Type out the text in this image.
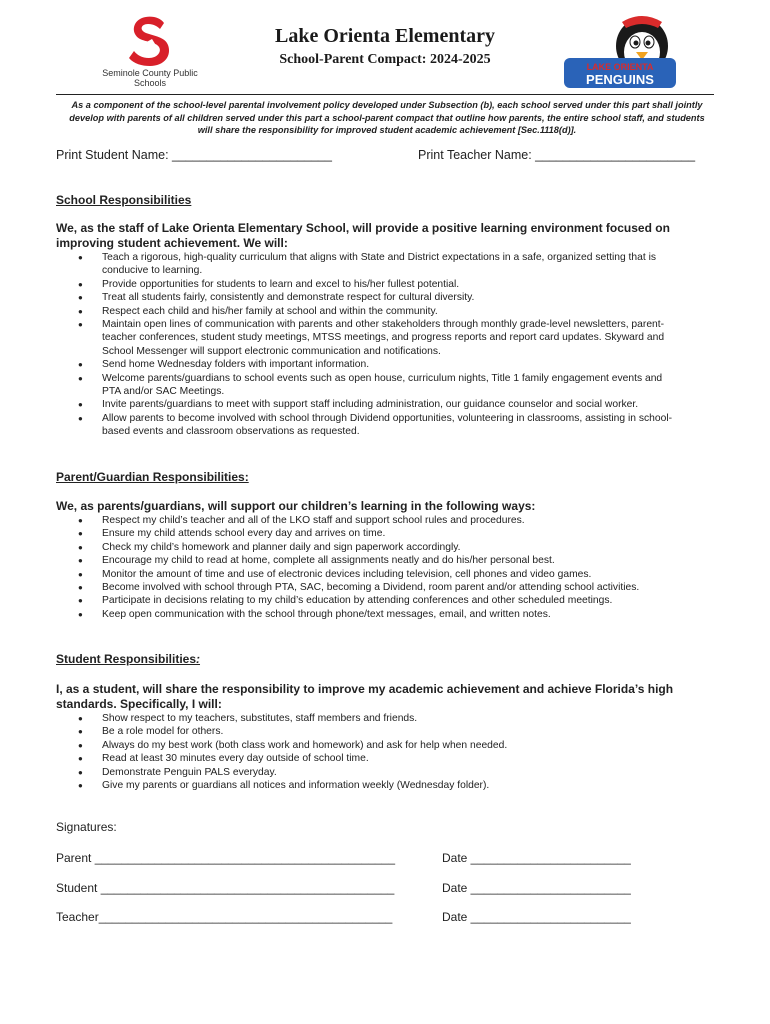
Seminole County Public Schools
Lake Orienta Elementary
School-Parent Compact: 2024-2025	LAKE ORIENTA
PENGUINS
As a component of the school-level parental involvement policy developed under Subsection (b), each school served under this part shall jointly develop with parents of all children served under this part a school-parent compact that outline how parents, the entire school staff, and students will share the responsibility for improved student academic achievement [Sec.1118(d)].
Print Student Name: _______________________	Print Teacher Name: _______________________
School Responsibilities

We, as the staff of Lake Orienta Elementary School, will provide a positive learning environment focused on improving student achievement. We will:

● Teach a rigorous, high-quality curriculum that aligns with State and District expectations in a safe, organized setting that is conducive to learning.
● Provide opportunities for students to learn and excel to his/her fullest potential.
● Treat all students fairly, consistently and demonstrate respect for cultural diversity.
● Respect each child and his/her family at school and within the community.
● Maintain open lines of communication with parents and other stakeholders through monthly grade-level newsletters, parent-teacher conferences, student study meetings, MTSS meetings, and progress reports and report card updates. Skyward and School Messenger will support electronic communication and notifications.
● Send home Wednesday folders with important information.
● Welcome parents/guardians to school events such as open house, curriculum nights, Title 1 family engagement events and PTA and/or SAC Meetings.
● Invite parents/guardians to meet with support staff including administration, our guidance counselor and social worker.
● Allow parents to become involved with school through Dividend opportunities, volunteering in classrooms, assisting in school-based events and classroom observations as requested.
Parent/Guardian Responsibilities:

We, as parents/guardians, will support our children’s learning in the following ways:

● Respect my child’s teacher and all of the LKO staff and support school rules and procedures.
● Ensure my child attends school every day and arrives on time.
● Check my child’s homework and planner daily and sign paperwork accordingly.
● Encourage my child to read at home, complete all assignments neatly and do his/her personal best.
● Monitor the amount of time and use of electronic devices including television, cell phones and video games.
● Become involved with school through PTA, SAC, becoming a Dividend, room parent and/or attending school activities.
● Participate in decisions relating to my child’s education by attending conferences and other scheduled meetings.
● Keep open communication with the school through phone/text messages, email, and written notes.
Student Responsibilities:

I, as a student, will share the responsibility to improve my academic achievement and achieve Florida’s high standards. Specifically, I will:

● Show respect to my teachers, substitutes, staff members and friends.
● Be a role model for others.
● Always do my best work (both class work and homework) and ask for help when needed.
● Read at least 30 minutes every day outside of school time.
● Demonstrate Penguin PALS everyday.
● Give my parents or guardians all notices and information weekly (Wednesday folder).
Signatures:
Parent _____________________________________________	Date ________________________
Student ____________________________________________	Date ________________________
Teacher____________________________________________	Date ________________________
